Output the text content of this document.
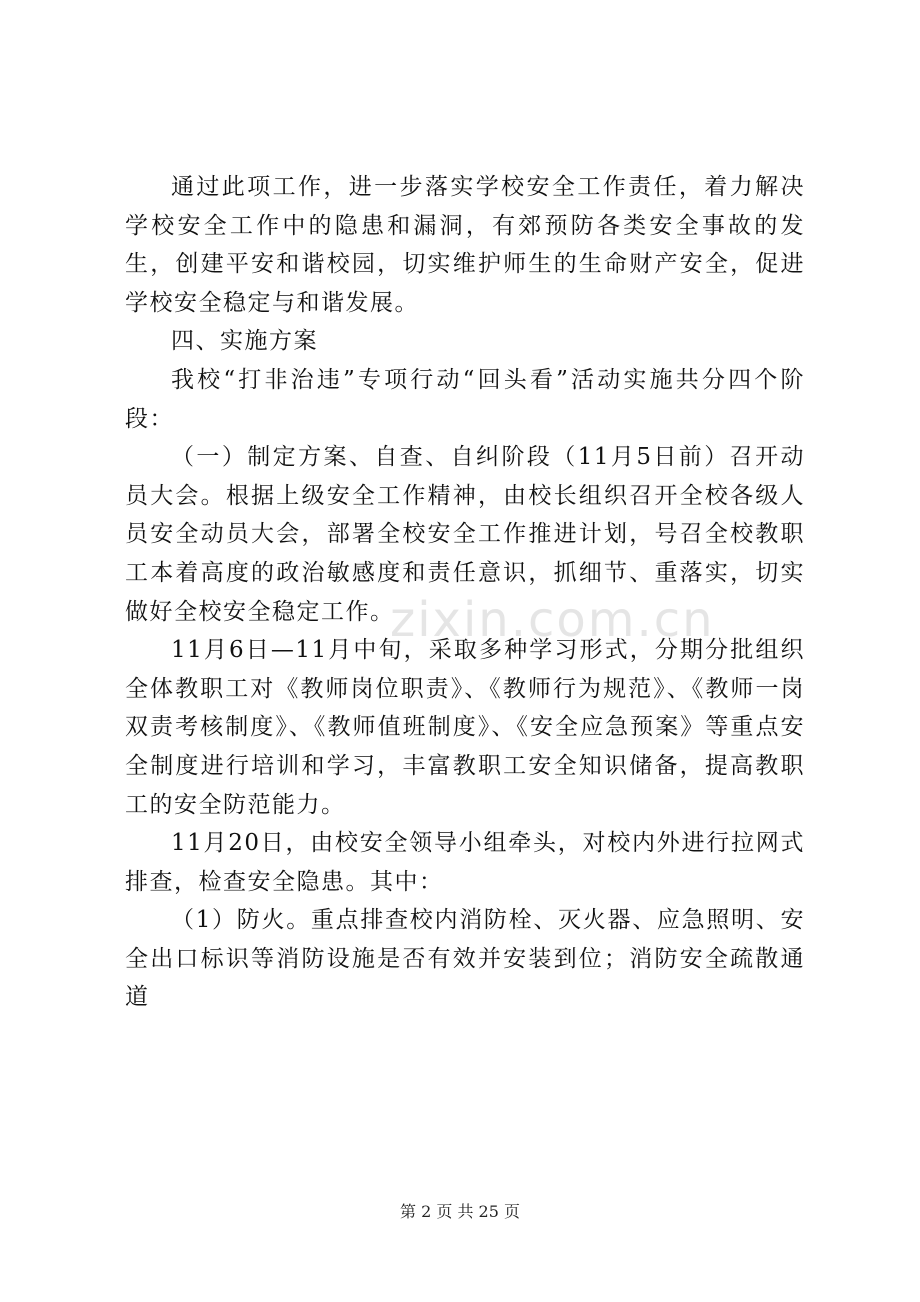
zixin.com.cn

通过此项工作，进一步落实学校安全工作责任，着力解决学校安全工作中的隐患和漏洞，有郊预防各类安全事故的发生，创建平安和谐校园，切实维护师生的生命财产安全，促进学校安全稳定与和谐发展。

四、实施方案

我校“打非治违”专项行动“回头看”活动实施共分四个阶段：

（一）制定方案、自查、自纠阶段（11月5日前）召开动员大会。根据上级安全工作精神，由校长组织召开全校各级人员安全动员大会，部署全校安全工作推进计划，号召全校教职工本着高度的政治敏感度和责任意识，抓细节、重落实，切实做好全校安全稳定工作。

11月6日—11月中旬，采取多种学习形式，分期分批组织全体教职工对《教师岗位职责》、《教师行为规范》、《教师一岗双责考核制度》、《教师值班制度》、《安全应急预案》等重点安全制度进行培训和学习，丰富教职工安全知识储备，提高教职工的安全防范能力。

11月20日，由校安全领导小组牵头，对校内外进行拉网式排查，检查安全隐患。其中：

（1）防火。重点排查校内消防栓、灭火器、应急照明、安全出口标识等消防设施是否有效并安装到位；消防安全疏散通道

第 2 页 共 25 页
